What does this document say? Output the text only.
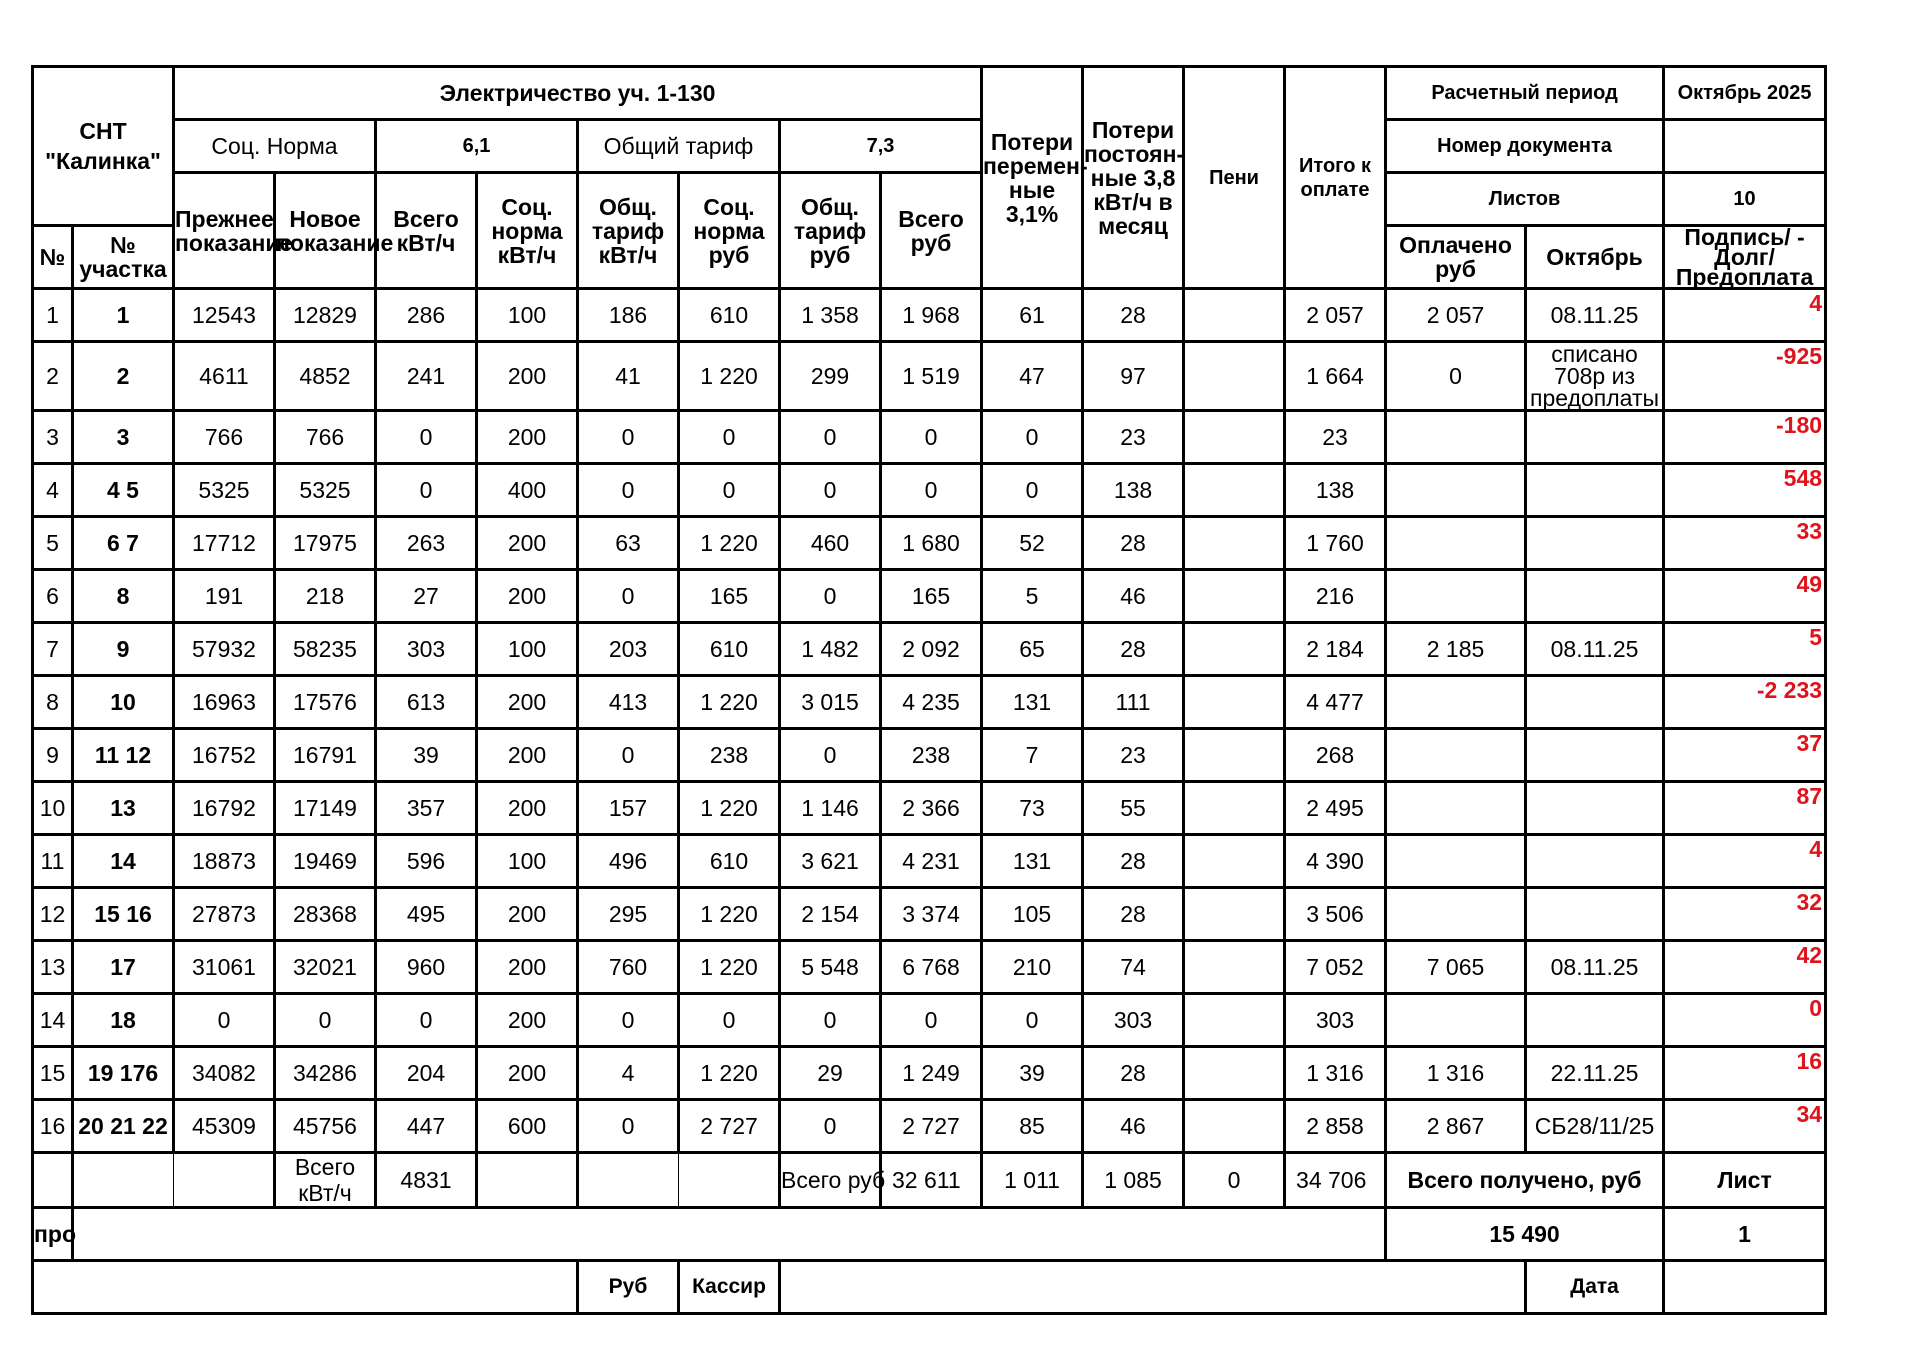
СНТ "Калинка"		Электричество уч. 1-130								Потери перемен-ные 3,1%	Потери постоян-ные 3,8 кВт/ч в месяц	Пени	Итого к оплате	Расчетный период		Октябрь 2025
		Соц. Норма		6,1		Общий тариф		7,3						Номер документа		
		Прежнее показание	Новое показание	Всего кВт/ч	Соц. норма кВт/ч	Общ. тариф кВт/ч	Соц. норма руб	Общ. тариф руб	Всего руб					Листов		10
№	№ участка													Оплачено руб	Октябрь	Подпись/ - Долг/Предоплата
1	1	12543	12829	286	100	186	610	1 358	1 968	61	28		2 057	2 057	08.11.25	4
2	2	4611	4852	241	200	41	1 220	299	1 519	47	97		1 664	0	списано 708р из предоплаты	-925
3	3	766	766	0	200	0	0	0	0	0	23		23			-180
4	4 5	5325	5325	0	400	0	0	0	0	0	138		138			548
5	6 7	17712	17975	263	200	63	1 220	460	1 680	52	28		1 760			33
6	8	191	218	27	200	0	165	0	165	5	46		216			49
7	9	57932	58235	303	100	203	610	1 482	2 092	65	28		2 184	2 185	08.11.25	5
8	10	16963	17576	613	200	413	1 220	3 015	4 235	131	111		4 477			-2 233
9	11 12	16752	16791	39	200	0	238	0	238	7	23		268			37
10	13	16792	17149	357	200	157	1 220	1 146	2 366	73	55		2 495			87
11	14	18873	19469	596	100	496	610	3 621	4 231	131	28		4 390			4
12	15 16	27873	28368	495	200	295	1 220	2 154	3 374	105	28		3 506			32
13	17	31061	32021	960	200	760	1 220	5 548	6 768	210	74		7 052	7 065	08.11.25	42
14	18	0	0	0	200	0	0	0	0	0	303		303			0
15	19 176	34082	34286	204	200	4	1 220	29	1 249	39	28		1 316	1 316	22.11.25	16
16	20 21 22	45309	45756	447	600	0	2 727	0	2 727	85	46		2 858	2 867	СБ28/11/25	34
			Всего кВт/ч	4831				Всего руб	32 611	1 011	1 085	0	34 706	Всего получено, руб		Лист
про														15 490		1
						Руб	Кассир								Дата	
